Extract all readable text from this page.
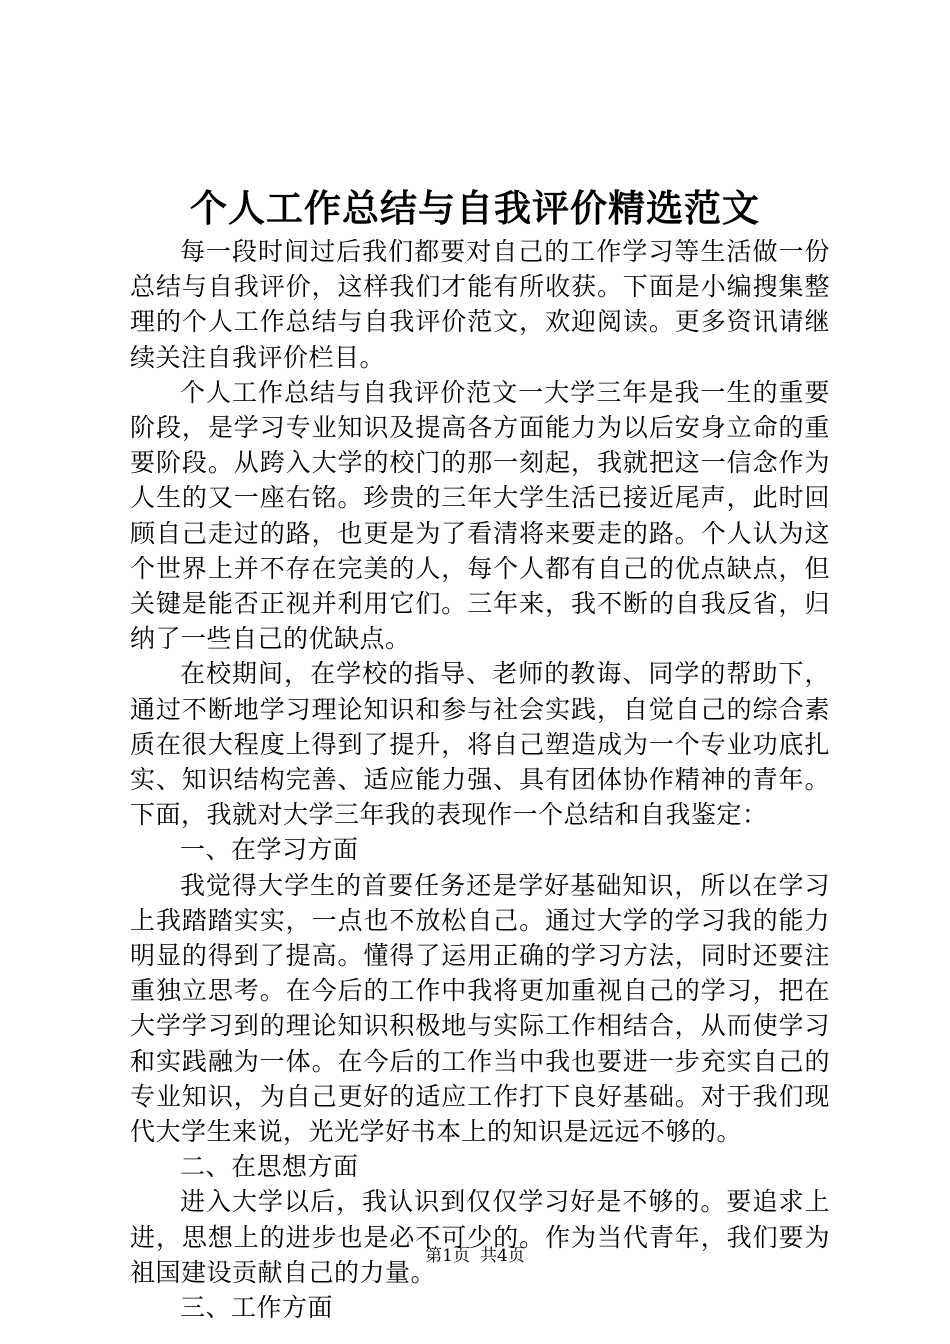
个人工作总结与自我评价精选范文

每一段时间过后我们都要对自己的工作学习等生活做一份总结与自我评价，这样我们才能有所收获。下面是小编搜集整理的个人工作总结与自我评价范文，欢迎阅读。更多资讯请继续关注自我评价栏目。

个人工作总结与自我评价范文一大学三年是我一生的重要阶段，是学习专业知识及提高各方面能力为以后安身立命的重要阶段。从跨入大学的校门的那一刻起，我就把这一信念作为人生的又一座右铭。珍贵的三年大学生活已接近尾声，此时回顾自己走过的路，也更是为了看清将来要走的路。个人认为这个世界上并不存在完美的人，每个人都有自己的优点缺点，但关键是能否正视并利用它们。三年来，我不断的自我反省，归纳了一些自己的优缺点。

在校期间，在学校的指导、老师的教诲、同学的帮助下，通过不断地学习理论知识和参与社会实践，自觉自己的综合素质在很大程度上得到了提升，将自己塑造成为一个专业功底扎实、知识结构完善、适应能力强、具有团体协作精神的青年。下面，我就对大学三年我的表现作一个总结和自我鉴定：

一、在学习方面

我觉得大学生的首要任务还是学好基础知识，所以在学习上我踏踏实实，一点也不放松自己。通过大学的学习我的能力明显的得到了提高。懂得了运用正确的学习方法，同时还要注重独立思考。在今后的工作中我将更加重视自己的学习，把在大学学习到的理论知识积极地与实际工作相结合，从而使学习和实践融为一体。在今后的工作当中我也要进一步充实自己的专业知识，为自己更好的适应工作打下良好基础。对于我们现代大学生来说，光光学好书本上的知识是远远不够的。

二、在思想方面

进入大学以后，我认识到仅仅学习好是不够的。要追求上进，思想上的进步也是必不可少的。作为当代青年，我们要为祖国建设贡献自己的力量。

三、工作方面

第1页 共4页
